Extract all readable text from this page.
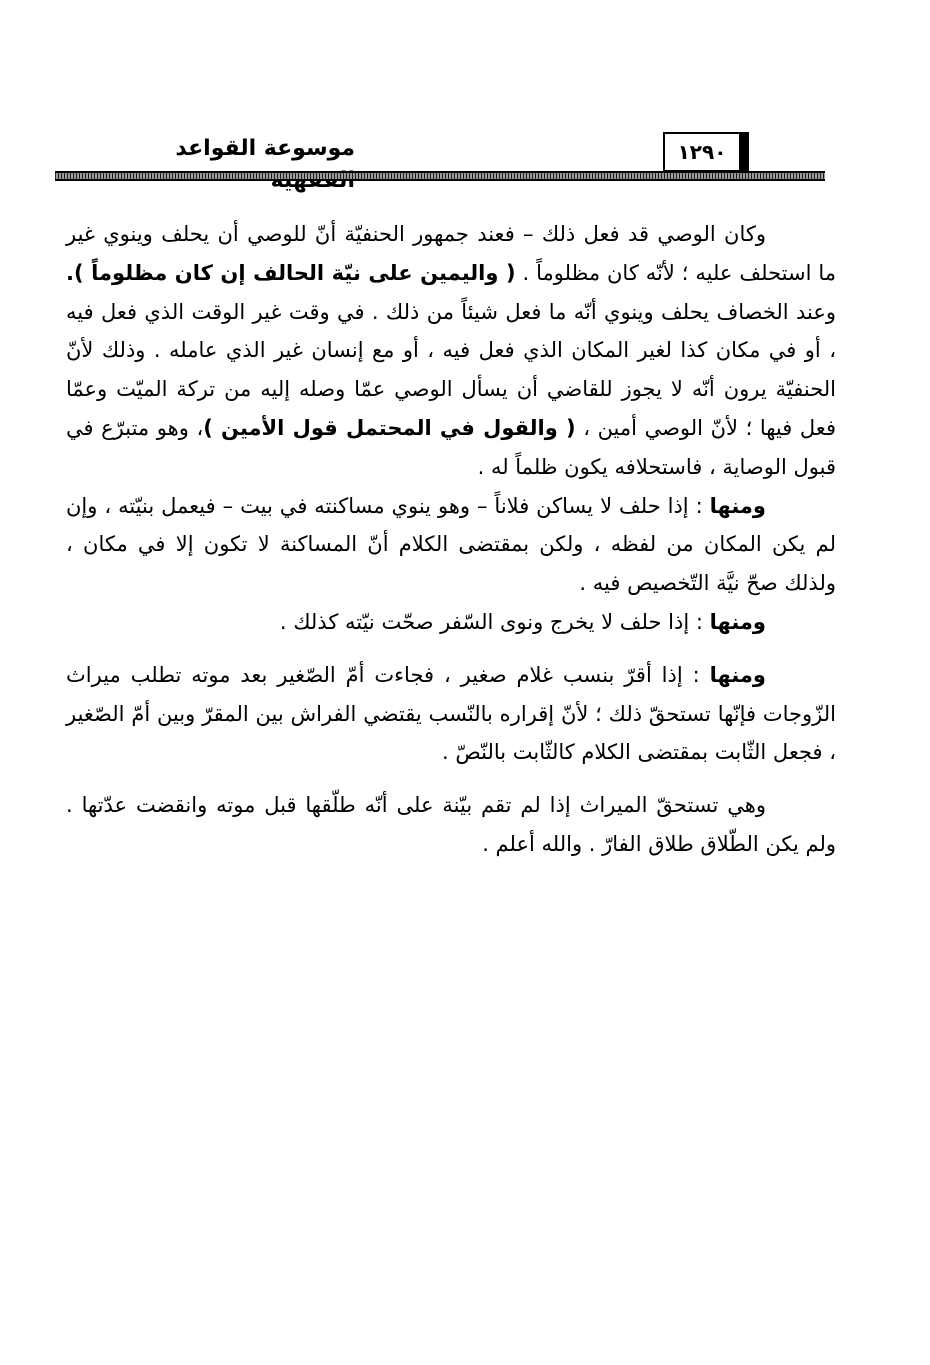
موسوعة القواعد	١٢٩٠

وكان الوصي قد فعل ذلك – فعند جمهور الحنفيّة أنّ للوصي أن يحلف وينوي غير ما استحلف عليه ؛ لأنّه كان مظلوماً . ( واليمين على نيّة الحالف إن كان مظلوماً ). وعند الخصاف يحلف وينوي أنّه ما فعل شيئاً من ذلك . في وقت غير الوقت الذي فعل فيه ، أو في مكان كذا لغير المكان الذي فعل فيه ، أو مع إنسان غير الذي عامله . وذلك لأنّ الحنفيّة يرون أنّه لا يجوز للقاضي أن يسأل الوصي عمّا وصله إليه من تركة الميّت وعمّا فعل فيها ؛ لأنّ الوصي أمين ، ( والقول في المحتمل قول الأمين )، وهو متبرّع في قبول الوصاية ، فاستحلافه يكون ظلماً له .

ومنها : إذا حلف لا يساكن فلاناً – وهو ينوي مساكنته في بيت – فيعمل بنيّته ، وإن لم يكن المكان من لفظه ، ولكن بمقتضى الكلام أنّ المساكنة لا تكون إلا في مكان ، ولذلك صحّ نيَّة التّخصيص فيه .

ومنها : إذا حلف لا يخرج ونوى السّفر صحّت نيّته كذلك .

ومنها : إذا أقرّ بنسب غلام صغير ، فجاءت أمّ الصّغير بعد موته تطلب ميراث الزّوجات فإنّها تستحقّ ذلك ؛ لأنّ إقراره بالنّسب يقتضي الفراش بين المقرّ وبين أمّ الصّغير ، فجعل الثّابت بمقتضى الكلام كالثّابت بالنّصّ .

وهي تستحقّ الميراث إذا لم تقم بيّنة على أنّه طلّقها قبل موته وانقضت عدّتها . ولم يكن الطّلاق طلاق الفارّ . والله أعلم .
